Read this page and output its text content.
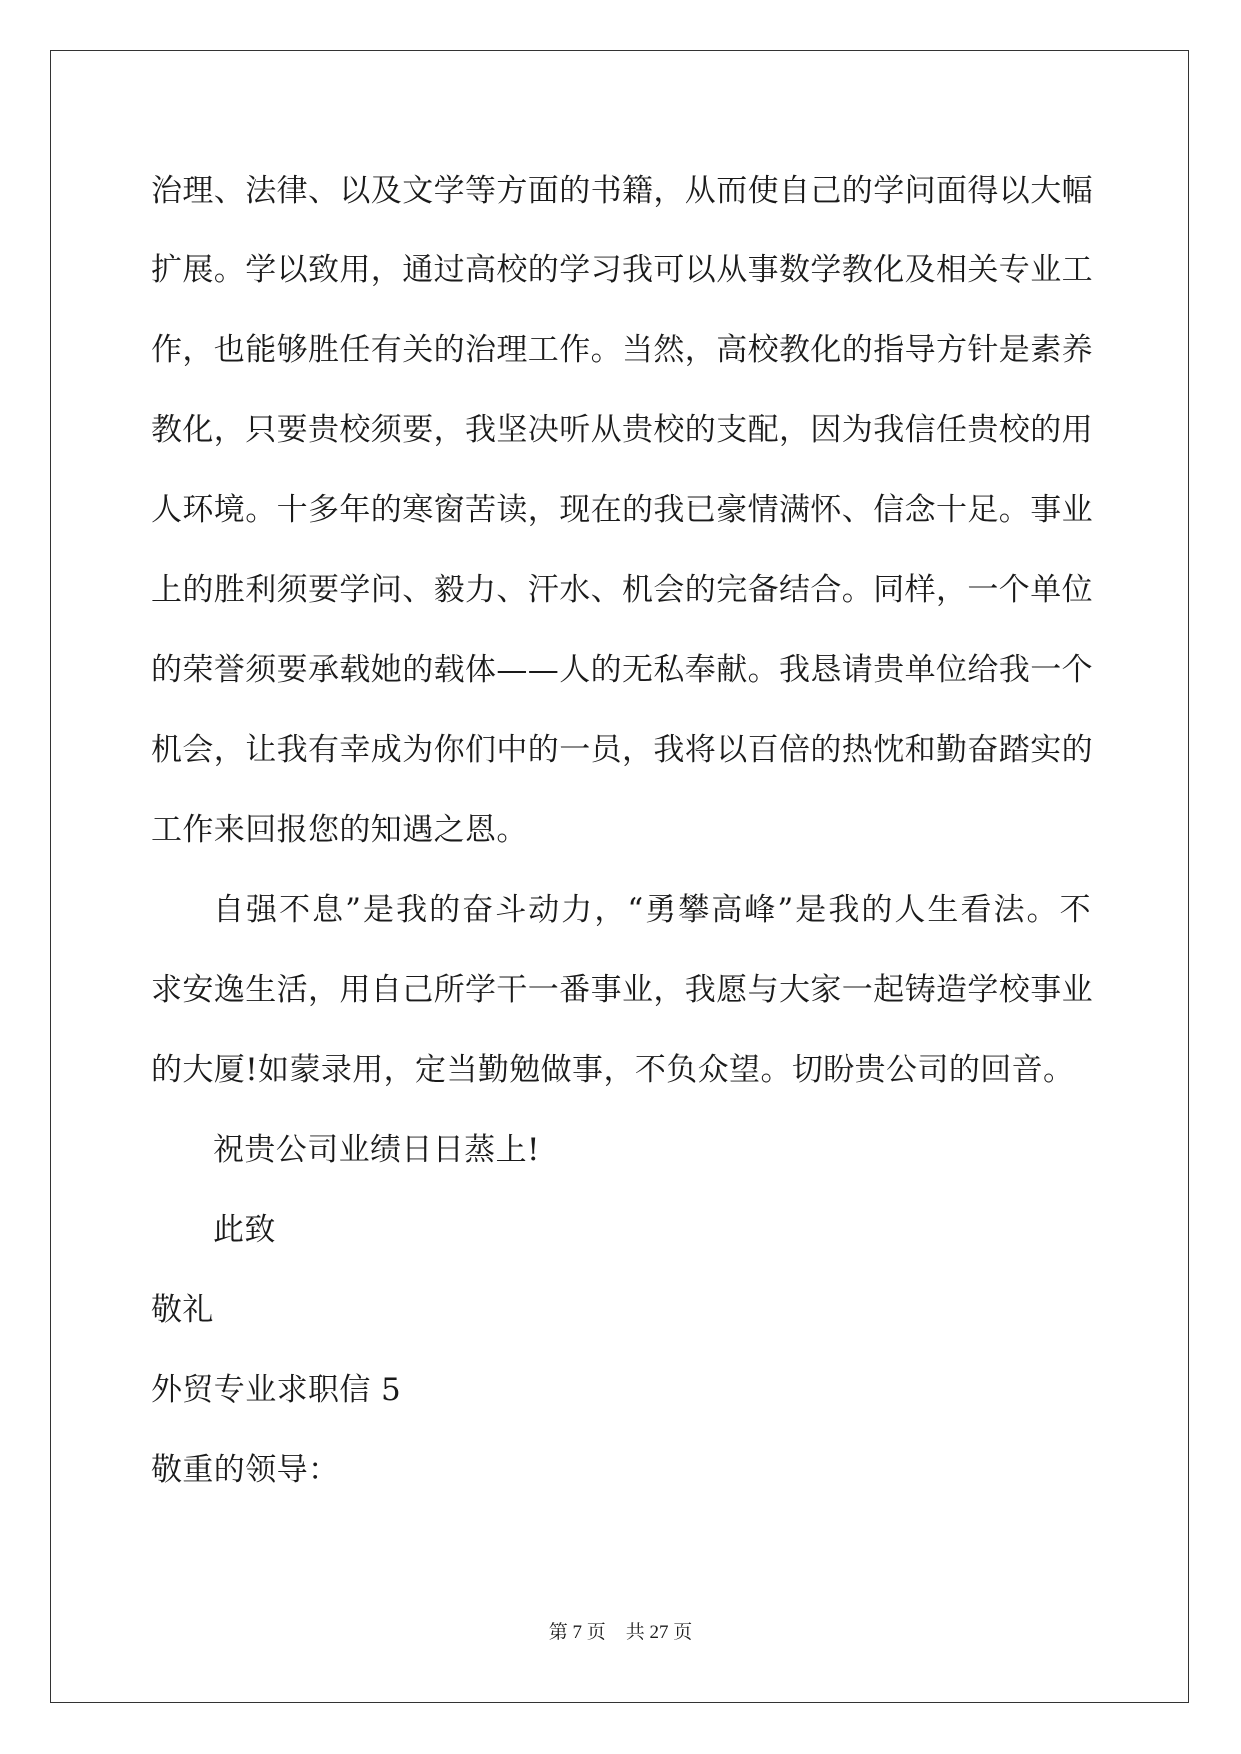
治理、法律、以及文学等方面的书籍，从而使自己的学问面得以大幅
扩展。学以致用，通过高校的学习我可以从事数学教化及相关专业工
作，也能够胜任有关的治理工作。当然，高校教化的指导方针是素养
教化，只要贵校须要，我坚决听从贵校的支配，因为我信任贵校的用
人环境。十多年的寒窗苦读，现在的我已豪情满怀、信念十足。事业
上的胜利须要学问、毅力、汗水、机会的完备结合。同样，一个单位
的荣誉须要承载她的载体——人的无私奉献。我恳请贵单位给我一个
机会，让我有幸成为你们中的一员，我将以百倍的热忱和勤奋踏实的
工作来回报您的知遇之恩。
自强不息”是我的奋斗动力，“勇攀高峰”是我的人生看法。不
求安逸生活，用自己所学干一番事业，我愿与大家一起铸造学校事业
的大厦!如蒙录用，定当勤勉做事，不负众望。切盼贵公司的回音。
祝贵公司业绩日日蒸上!
此致
敬礼
外贸专业求职信 5
敬重的领导：
第 7 页 共 27 页
